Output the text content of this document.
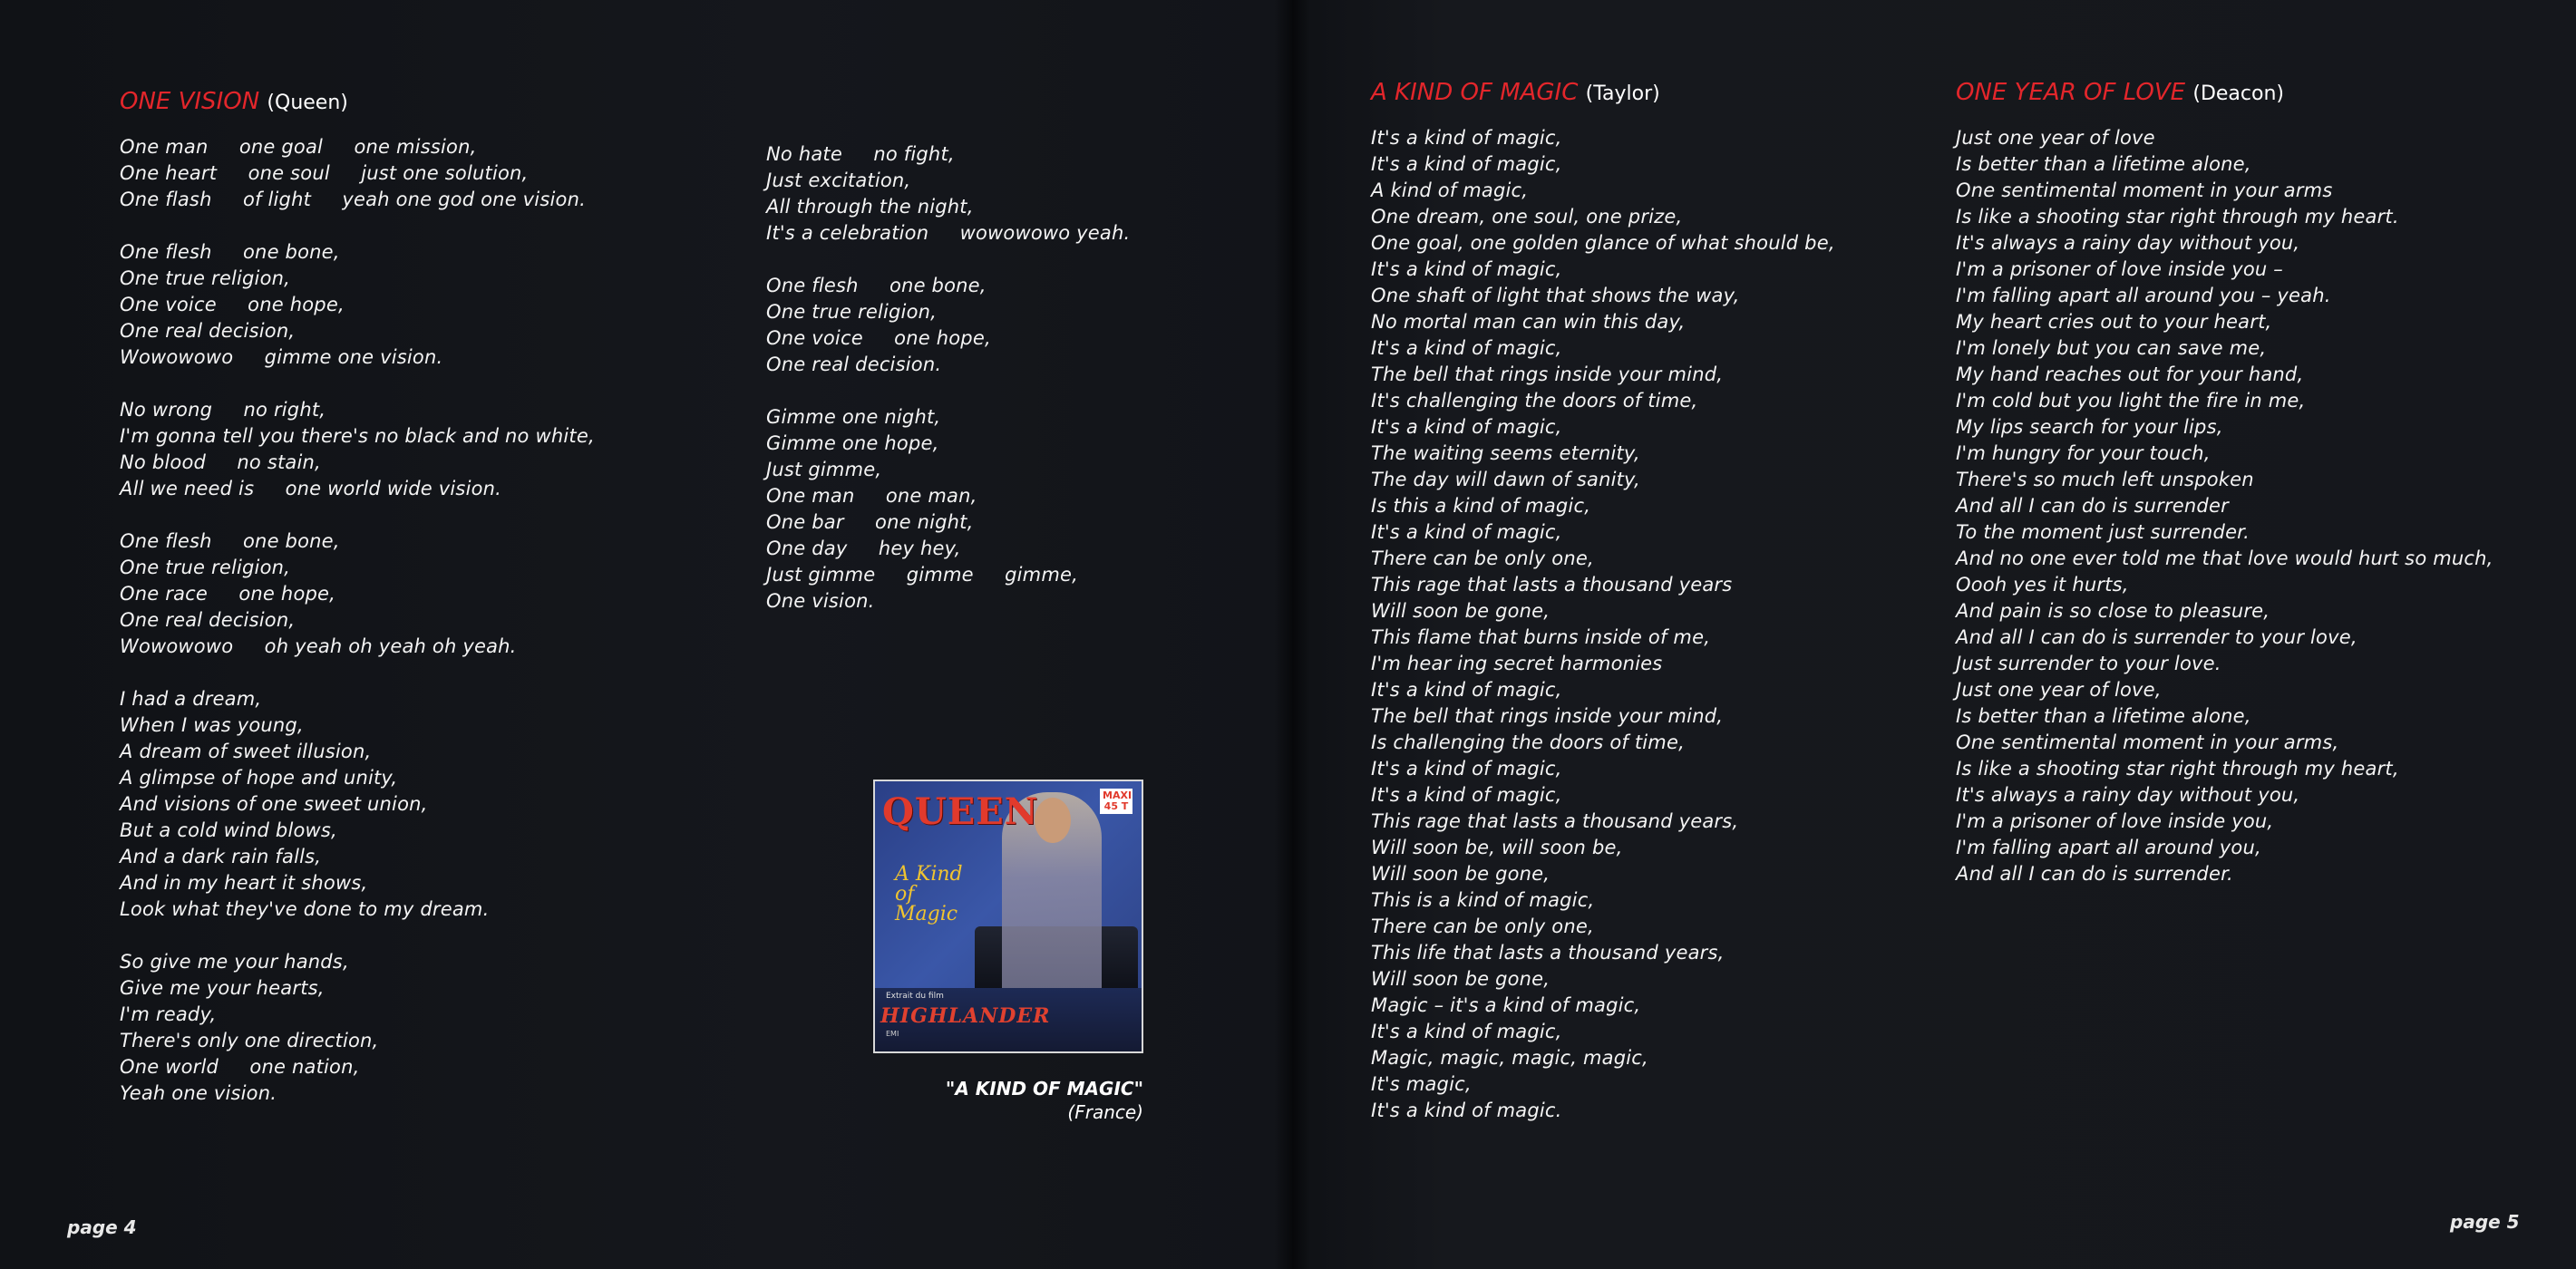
ONE VISION (Queen)
One man     one goal     one mission,
One heart     one soul     just one solution,
One flash     of light     yeah one god one vision.
One flesh     one bone,
One true religion,
One voice     one hope,
One real decision,
Wowowowo     gimme one vision.
No wrong     no right,
I'm gonna tell you there's no black and no white,
No blood     no stain,
All we need is     one world wide vision.
One flesh     one bone,
One true religion,
One race     one hope,
One real decision,
Wowowowo     oh yeah oh yeah oh yeah.
I had a dream,
When I was young,
A dream of sweet illusion,
A glimpse of hope and unity,
And visions of one sweet union,
But a cold wind blows,
And a dark rain falls,
And in my heart it shows,
Look what they've done to my dream.
So give me your hands,
Give me your hearts,
I'm ready,
There's only one direction,
One world     one nation,
Yeah one vision.
No hate     no fight,
Just excitation,
All through the night,
It's a celebration     wowowowo yeah.
One flesh     one bone,
One true religion,
One voice     one hope,
One real decision.
Gimme one night,
Gimme one hope,
Just gimme,
One man     one man,
One bar     one night,
One day     hey hey,
Just gimme     gimme     gimme,
One vision.
QUEEN
A Kind of Magic
MAXI 45 T
Extrait du film
HIGHLANDER
EMI
"A KIND OF MAGIC"
(France)
page 4
A KIND OF MAGIC (Taylor)
It's a kind of magic,
It's a kind of magic,
A kind of magic,
One dream, one soul, one prize,
One goal, one golden glance of what should be,
It's a kind of magic,
One shaft of light that shows the way,
No mortal man can win this day,
It's a kind of magic,
The bell that rings inside your mind,
It's challenging the doors of time,
It's a kind of magic,
The waiting seems eternity,
The day will dawn of sanity,
Is this a kind of magic,
It's a kind of magic,
There can be only one,
This rage that lasts a thousand years
Will soon be gone,
This flame that burns inside of me,
I'm hear ing secret harmonies
It's a kind of magic,
The bell that rings inside your mind,
Is challenging the doors of time,
It's a kind of magic,
It's a kind of magic,
This rage that lasts a thousand years,
Will soon be, will soon be,
Will soon be gone,
This is a kind of magic,
There can be only one,
This life that lasts a thousand years,
Will soon be gone,
Magic – it's a kind of magic,
It's a kind of magic,
Magic, magic, magic, magic,
It's magic,
It's a kind of magic.
ONE YEAR OF LOVE (Deacon)
Just one year of love
Is better than a lifetime alone,
One sentimental moment in your arms
Is like a shooting star right through my heart.
It's always a rainy day without you,
I'm a prisoner of love inside you –
I'm falling apart all around you – yeah.
My heart cries out to your heart,
I'm lonely but you can save me,
My hand reaches out for your hand,
I'm cold but you light the fire in me,
My lips search for your lips,
I'm hungry for your touch,
There's so much left unspoken
And all I can do is surrender
To the moment just surrender.
And no one ever told me that love would hurt so much,
Oooh yes it hurts,
And pain is so close to pleasure,
And all I can do is surrender to your love,
Just surrender to your love.
Just one year of love,
Is better than a lifetime alone,
One sentimental moment in your arms,
Is like a shooting star right through my heart,
It's always a rainy day without you,
I'm a prisoner of love inside you,
I'm falling apart all around you,
And all I can do is surrender.
page 5
